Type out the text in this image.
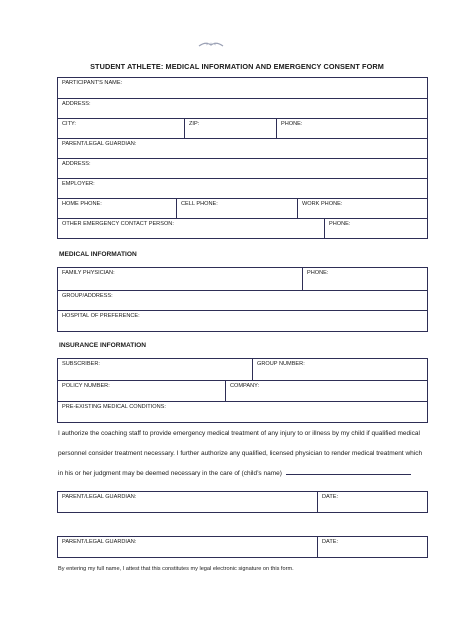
STUDENT ATHLETE: MEDICAL INFORMATION AND EMERGENCY CONSENT FORM
PARTICIPANT'S NAME:
ADDRESS:
CITY:	ZIP:	PHONE:
PARENT/LEGAL GUARDIAN:
ADDRESS:
EMPLOYER:
HOME PHONE:	CELL PHONE:	WORK PHONE:
OTHER EMERGENCY CONTACT PERSON:	PHONE:
MEDICAL INFORMATION
FAMILY PHYSICIAN:	PHONE:
GROUP/ADDRESS:
HOSPITAL OF PREFERENCE:
INSURANCE INFORMATION
SUBSCRIBER:	GROUP NUMBER:
POLICY NUMBER:	COMPANY:
PRE-EXISTING MEDICAL CONDITIONS:
I authorize the coaching staff to provide emergency medical treatment of any injury to or illness by my child if qualified medical
personnel consider treatment necessary. I further authorize any qualified, licensed physician to render medical treatment which
in his or her judgment may be deemed necessary in the care of (child’s name)
PARENT/LEGAL GUARDIAN:	DATE:
PARENT/LEGAL GUARDIAN:	DATE:
By entering my full name, I attest that this constitutes my legal electronic signature on this form.
